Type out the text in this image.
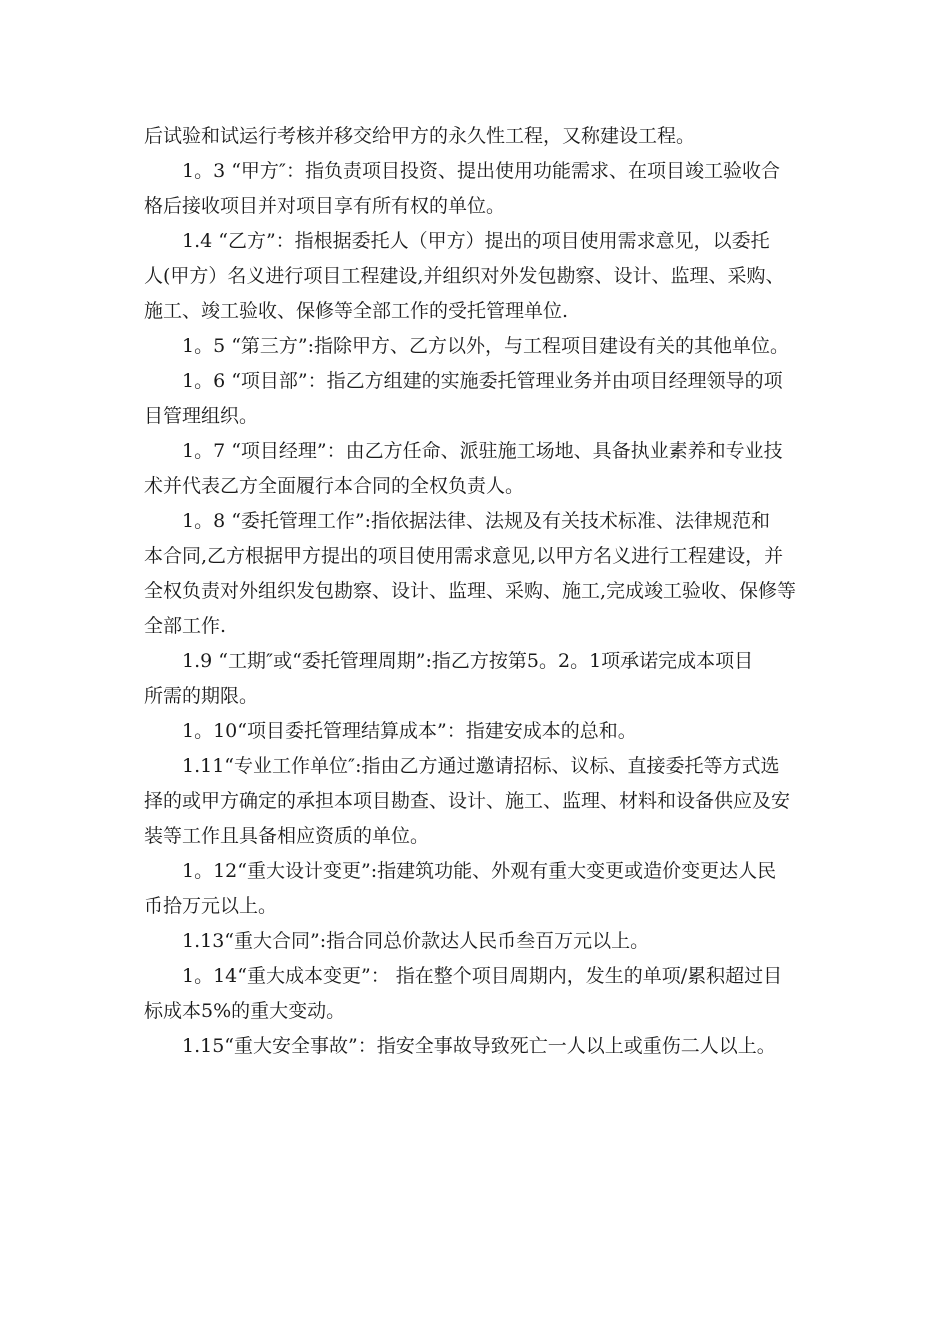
后试验和试运行考核并移交给甲方的永久性工程，又称建设工程。

1。3 “甲方″：指负责项目投资、提出使用功能需求、在项目竣工验收合
格后接收项目并对项目享有所有权的单位。

1.4 “乙方”：指根据委托人（甲方）提出的项目使用需求意见，以委托
人(甲方）名义进行项目工程建设,并组织对外发包勘察、设计、监理、采购、
施工、竣工验收、保修等全部工作的受托管理单位.

1。5 “第三方”:指除甲方、乙方以外，与工程项目建设有关的其他单位。

1。6 “项目部”：指乙方组建的实施委托管理业务并由项目经理领导的项
目管理组织。

1。7 “项目经理”：由乙方任命、派驻施工场地、具备执业素养和专业技
术并代表乙方全面履行本合同的全权负责人。

1。8 “委托管理工作”:指依据法律、法规及有关技术标准、法律规范和
本合同,乙方根据甲方提出的项目使用需求意见,以甲方名义进行工程建设，并
全权负责对外组织发包勘察、设计、监理、采购、施工,完成竣工验收、保修等
全部工作.

1.9 “工期″或“委托管理周期”:指乙方按第5。2。1项承诺完成本项目
所需的期限。

1。10“项目委托管理结算成本”：指建安成本的总和。

1.11“专业工作单位″:指由乙方通过邀请招标、议标、直接委托等方式选
择的或甲方确定的承担本项目勘查、设计、施工、监理、材料和设备供应及安
装等工作且具备相应资质的单位。

1。12“重大设计变更”:指建筑功能、外观有重大变更或造价变更达人民
币拾万元以上。

1.13“重大合同”:指合同总价款达人民币叁百万元以上。

1。14“重大成本变更”： 指在整个项目周期内，发生的单项/累积超过目
标成本5%的重大变动。

1.15“重大安全事故”：指安全事故导致死亡一人以上或重伤二人以上。
